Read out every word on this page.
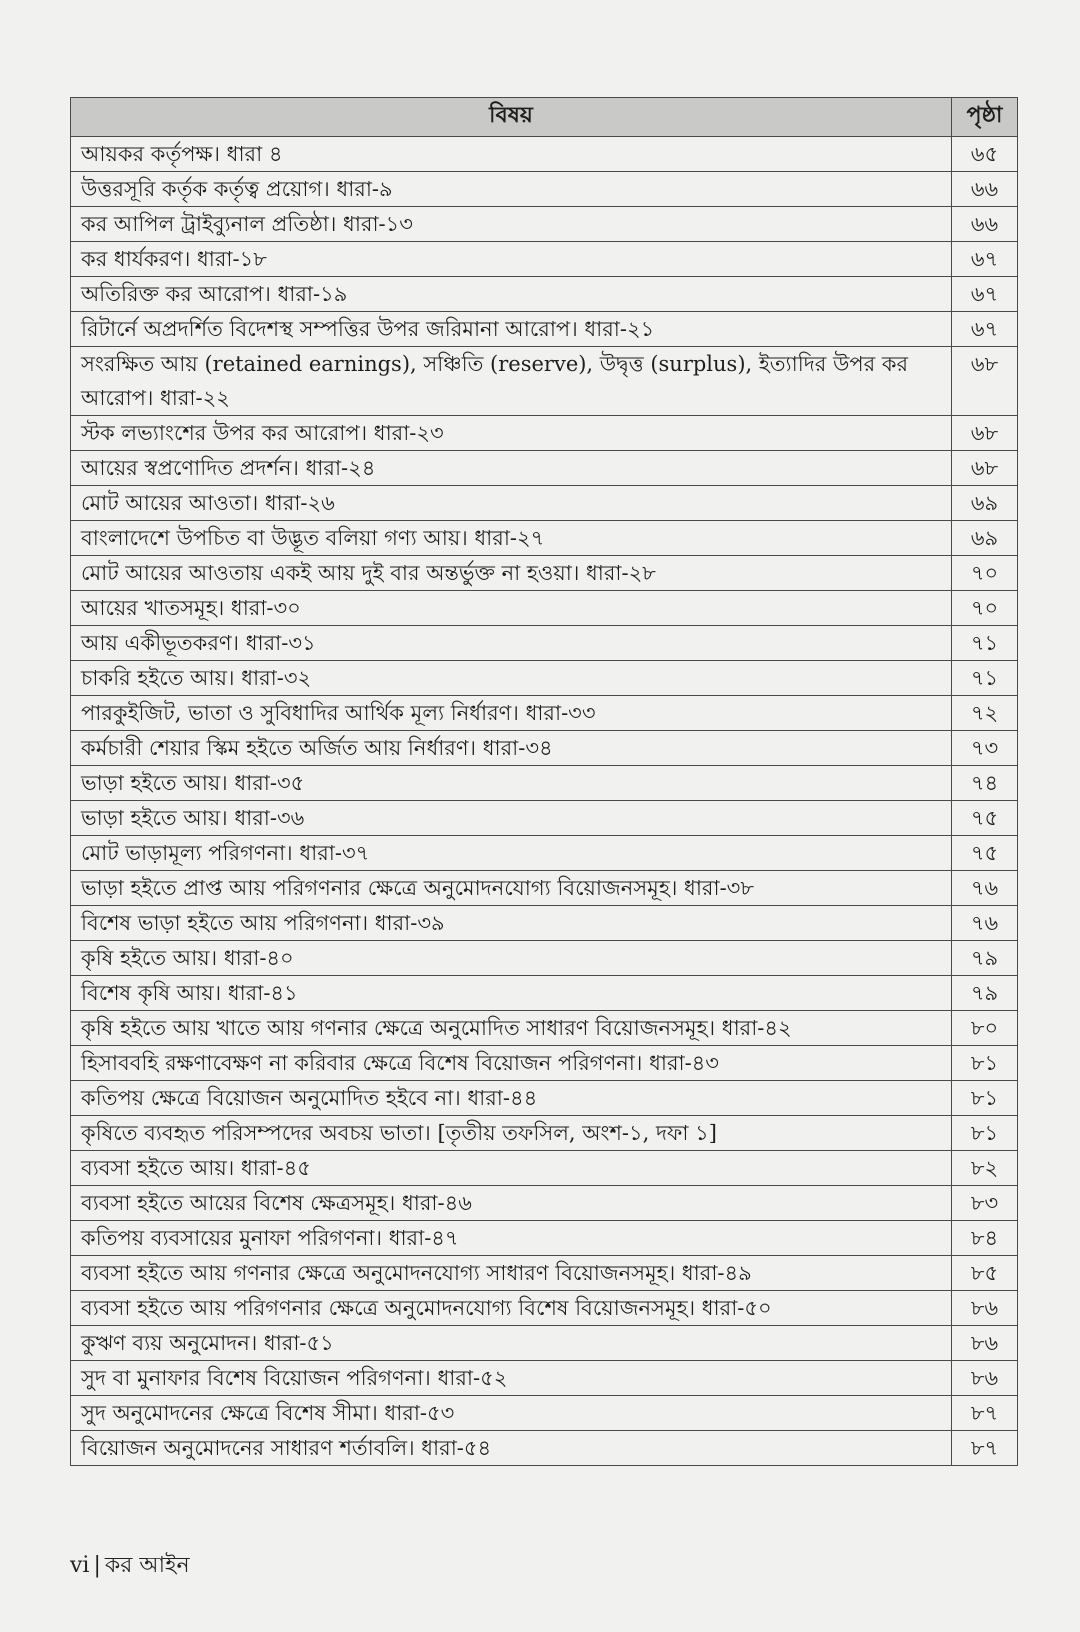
বিষয়	পৃষ্ঠা
আয়কর কর্তৃপক্ষ। ধারা ৪	৬৫
উত্তরসূরি কর্তৃক কর্তৃত্ব প্রয়োগ। ধারা-৯	৬৬
কর আপিল ট্রাইব্যুনাল প্রতিষ্ঠা। ধারা-১৩	৬৬
কর ধার্যকরণ। ধারা-১৮	৬৭
অতিরিক্ত কর আরোপ। ধারা-১৯	৬৭
রিটার্নে অপ্রদর্শিত বিদেশস্থ সম্পত্তির উপর জরিমানা আরোপ। ধারা-২১	৬৭
সংরক্ষিত আয় (retained earnings), সঞ্চিতি (reserve), উদ্বৃত্ত (surplus), ইত্যাদির উপর কর আরোপ। ধারা-২২	৬৮
স্টক লভ্যাংশের উপর কর আরোপ। ধারা-২৩	৬৮
আয়ের স্বপ্রণোদিত প্রদর্শন। ধারা-২৪	৬৮
মোট আয়ের আওতা। ধারা-২৬	৬৯
বাংলাদেশে উপচিত বা উদ্ভূত বলিয়া গণ্য আয়। ধারা-২৭	৬৯
মোট আয়ের আওতায় একই আয় দুই বার অন্তর্ভুক্ত না হওয়া। ধারা-২৮	৭০
আয়ের খাতসমূহ। ধারা-৩০	৭০
আয় একীভূতকরণ। ধারা-৩১	৭১
চাকরি হইতে আয়। ধারা-৩২	৭১
পারকুইজিট, ভাতা ও সুবিধাদির আর্থিক মূল্য নির্ধারণ। ধারা-৩৩	৭২
কর্মচারী শেয়ার স্কিম হইতে অর্জিত আয় নির্ধারণ। ধারা-৩৪	৭৩
ভাড়া হইতে আয়। ধারা-৩৫	৭৪
ভাড়া হইতে আয়। ধারা-৩৬	৭৫
মোট ভাড়ামূল্য পরিগণনা। ধারা-৩৭	৭৫
ভাড়া হইতে প্রাপ্ত আয় পরিগণনার ক্ষেত্রে অনুমোদনযোগ্য বিয়োজনসমূহ। ধারা-৩৮	৭৬
বিশেষ ভাড়া হইতে আয় পরিগণনা। ধারা-৩৯	৭৬
কৃষি হইতে আয়। ধারা-৪০	৭৯
বিশেষ কৃষি আয়। ধারা-৪১	৭৯
কৃষি হইতে আয় খাতে আয় গণনার ক্ষেত্রে অনুমোদিত সাধারণ বিয়োজনসমূহ। ধারা-৪২	৮০
হিসাববহি রক্ষণাবেক্ষণ না করিবার ক্ষেত্রে বিশেষ বিয়োজন পরিগণনা। ধারা-৪৩	৮১
কতিপয় ক্ষেত্রে বিয়োজন অনুমোদিত হইবে না। ধারা-৪৪	৮১
কৃষিতে ব্যবহৃত পরিসম্পদের অবচয় ভাতা। [তৃতীয় তফসিল, অংশ-১, দফা ১]	৮১
ব্যবসা হইতে আয়। ধারা-৪৫	৮২
ব্যবসা হইতে আয়ের বিশেষ ক্ষেত্রসমূহ। ধারা-৪৬	৮৩
কতিপয় ব্যবসায়ের মুনাফা পরিগণনা। ধারা-৪৭	৮৪
ব্যবসা হইতে আয় গণনার ক্ষেত্রে অনুমোদনযোগ্য সাধারণ বিয়োজনসমূহ। ধারা-৪৯	৮৫
ব্যবসা হইতে আয় পরিগণনার ক্ষেত্রে অনুমোদনযোগ্য বিশেষ বিয়োজনসমূহ। ধারা-৫০	৮৬
কুঋণ ব্যয় অনুমোদন। ধারা-৫১	৮৬
সুদ বা মুনাফার বিশেষ বিয়োজন পরিগণনা। ধারা-৫২	৮৬
সুদ অনুমোদনের ক্ষেত্রে বিশেষ সীমা। ধারা-৫৩	৮৭
বিয়োজন অনুমোদনের সাধারণ শর্তাবলি। ধারা-৫৪	৮৭
vi | কর আইন
